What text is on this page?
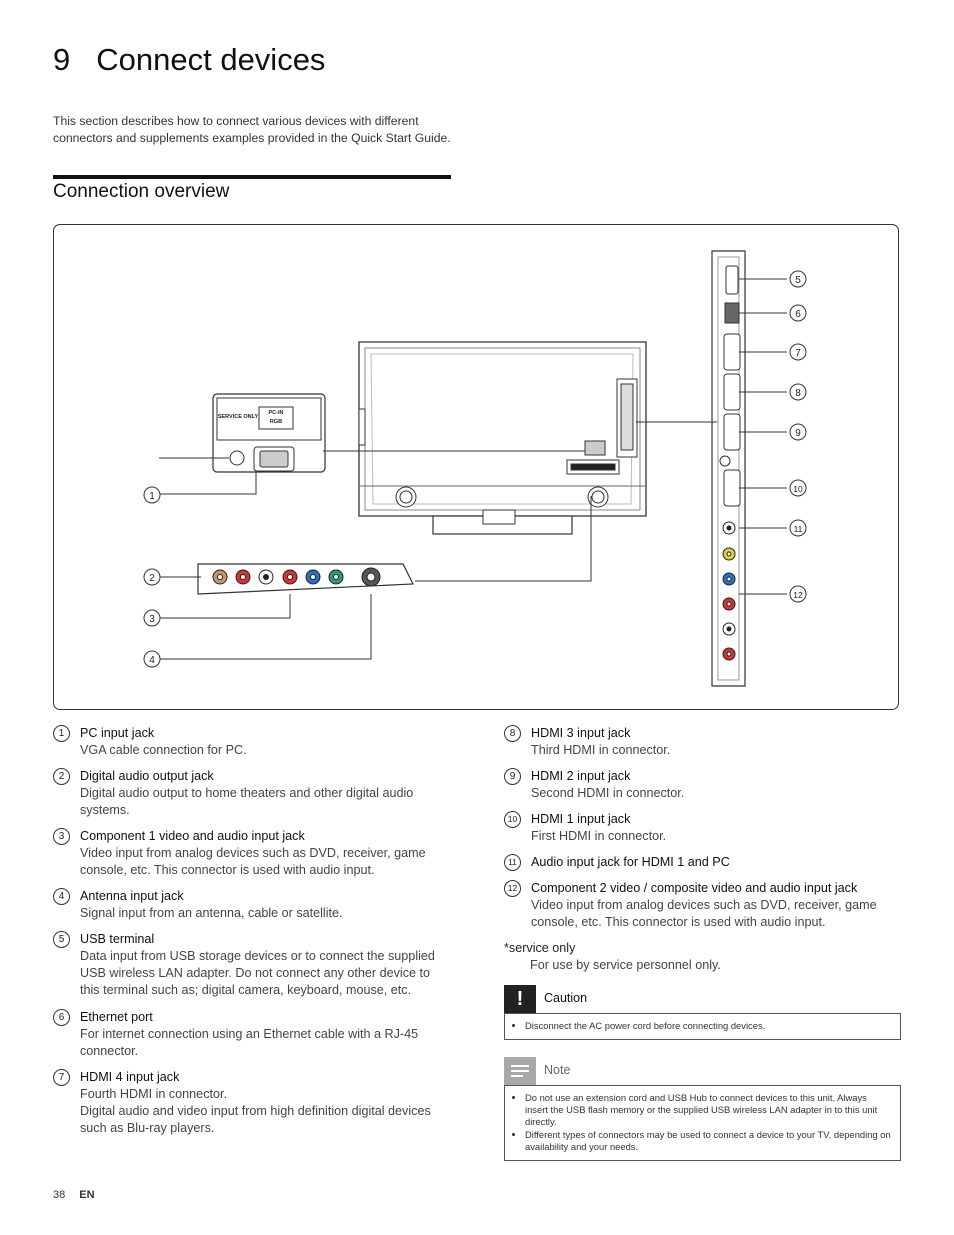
9 Connect devices
This section describes how to connect various devices with different connectors and supplements examples provided in the Quick Start Guide.
Connection overview
SERVICE ONLY
PC-IN
RGB
1
2
3
4
5
6
7
8
9
10
11
12
1	PC input jack
VGA cable connection for PC.
2	Digital audio output jack
Digital audio output to home theaters and other digital audio systems.
3	Component 1 video and audio input jack
Video input from analog devices such as DVD, receiver, game console, etc. This connector is used with audio input.
4	Antenna input jack
Signal input from an antenna, cable or satellite.
5	USB terminal
Data input from USB storage devices or to connect the supplied USB wireless LAN adapter. Do not connect any other device to this terminal such as; digital camera, keyboard, mouse, etc.
6	Ethernet port
For internet connection using an Ethernet cable with a RJ-45 connector.
7	HDMI 4 input jack
Fourth HDMI in connector.
Digital audio and video input from high definition digital devices such as Blu-ray players.
8	HDMI 3 input jack
Third HDMI in connector.
9	HDMI 2 input jack
Second HDMI in connector.
10 HDMI 1 input jack
First HDMI in connector.
11	Audio input jack for HDMI 1 and PC
12 Component 2 video / composite video and audio input jack
Video input from analog devices such as DVD, receiver, game console, etc. This connector is used with audio input.
*service only
For use by service personnel only.
!	Caution
• Disconnect the AC power cord before connecting devices.
Note
• Do not use an extension cord and USB Hub to connect devices to this unit. Always insert the USB flash memory or the supplied USB wireless LAN adapter in to this unit directly.
• Different types of connectors may be used to connect a device to your TV, depending on availability and your needs.
38 EN
